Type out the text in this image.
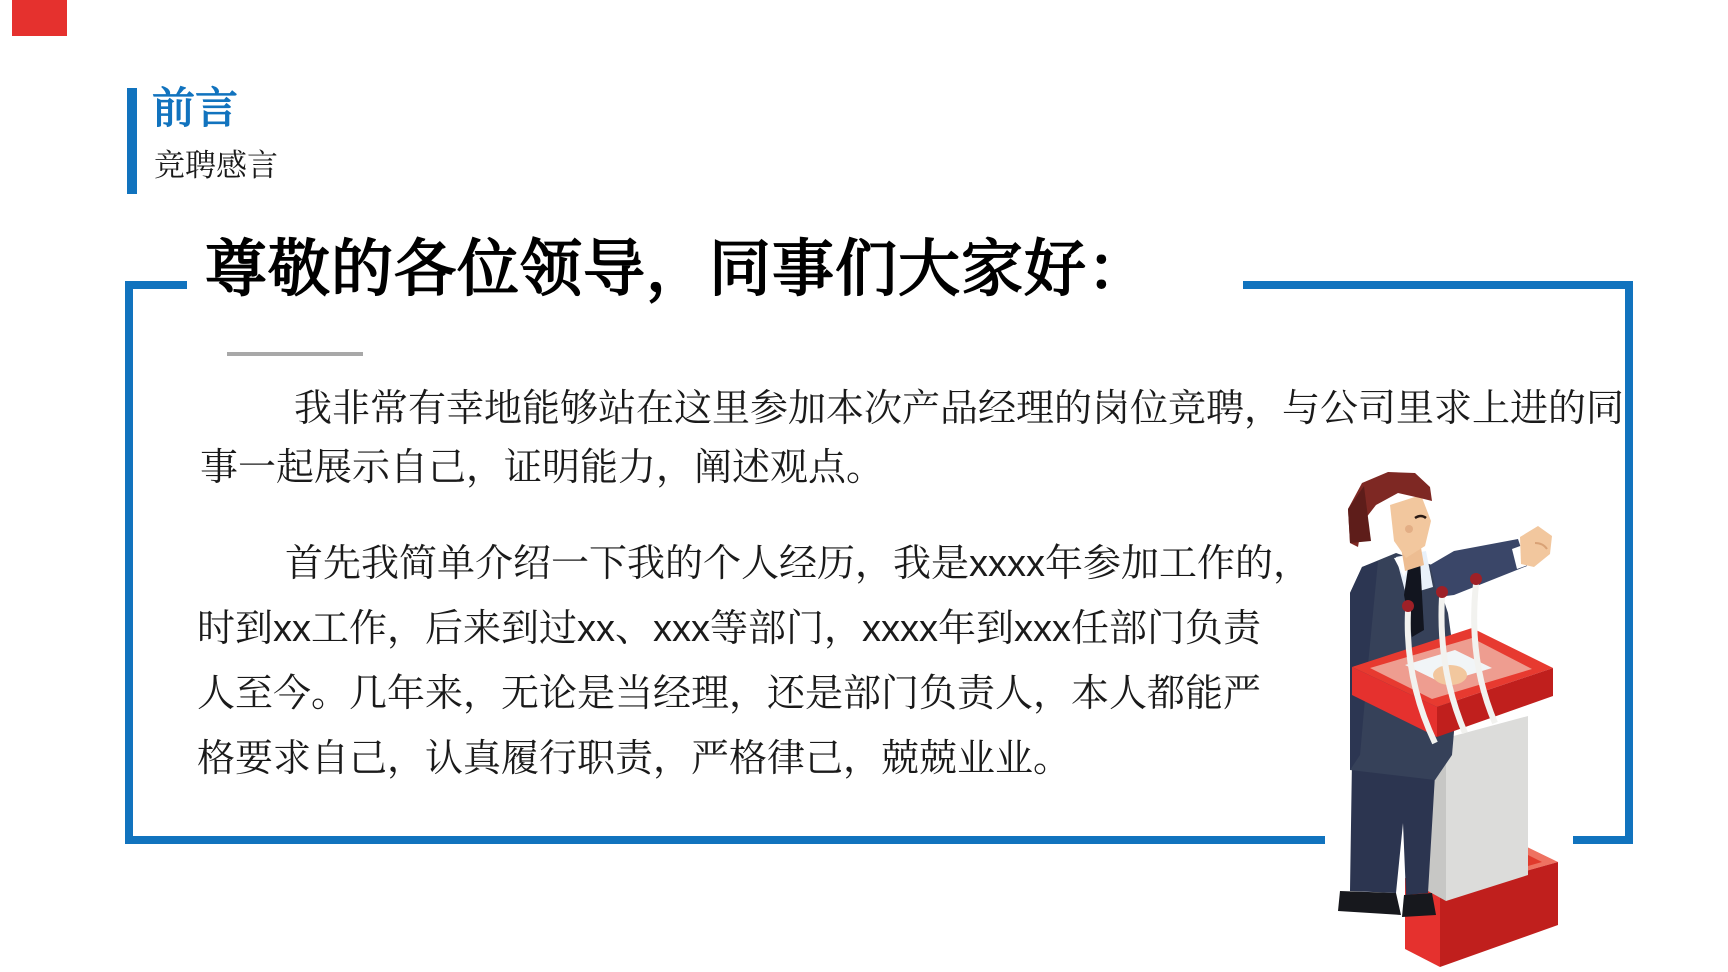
前言
竞聘感言
尊敬的各位领导，同事们大家好：
我非常有幸地能够站在这里参加本次产品经理的岗位竞聘，与公司里求上进的同
事一起展示自己，证明能力，阐述观点。
首先我简单介绍一下我的个人经历，我是xxxx年参加工作的，
时到xx工作，后来到过xx、xxx等部门，xxxx年到xxx任部门负责
人至今。几年来，无论是当经理，还是部门负责人，本人都能严
格要求自己，认真履行职责，严格律己，兢兢业业。
